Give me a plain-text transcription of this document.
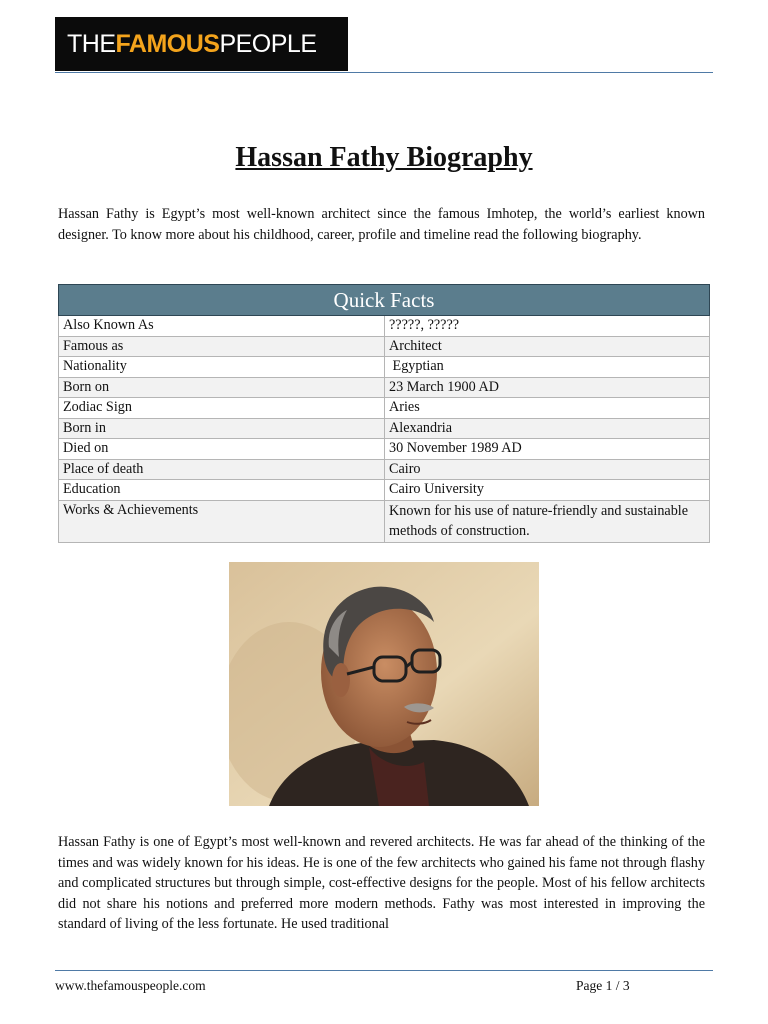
THE FAMOUS PEOPLE
Hassan Fathy Biography

Hassan Fathy is Egypt’s most well-known architect since the famous Imhotep, the world’s earliest known designer. To know more about his childhood, career, profile and timeline read the following biography.

Quick Facts	
Also Known As	?????, ?????
Famous as	Architect
Nationality	Egyptian
Born on	23 March 1900 AD
Zodiac Sign	Aries
Born in	Alexandria
Died on	30 November 1989 AD
Place of death	Cairo
Education	Cairo University
Works & Achievements	Known for his use of nature-friendly and sustainable methods of construction.

Hassan Fathy is one of Egypt’s most well-known and revered architects. He was far ahead of the thinking of the times and was widely known for his ideas. He is one of the few architects who gained his fame not through flashy and complicated structures but through simple, cost-effective designs for the people. Most of his fellow architects did not share his notions and preferred more modern methods. Fathy was most interested in improving the standard of living of the less fortunate. He used traditional

www.thefamouspeople.com	Page 1 / 3
